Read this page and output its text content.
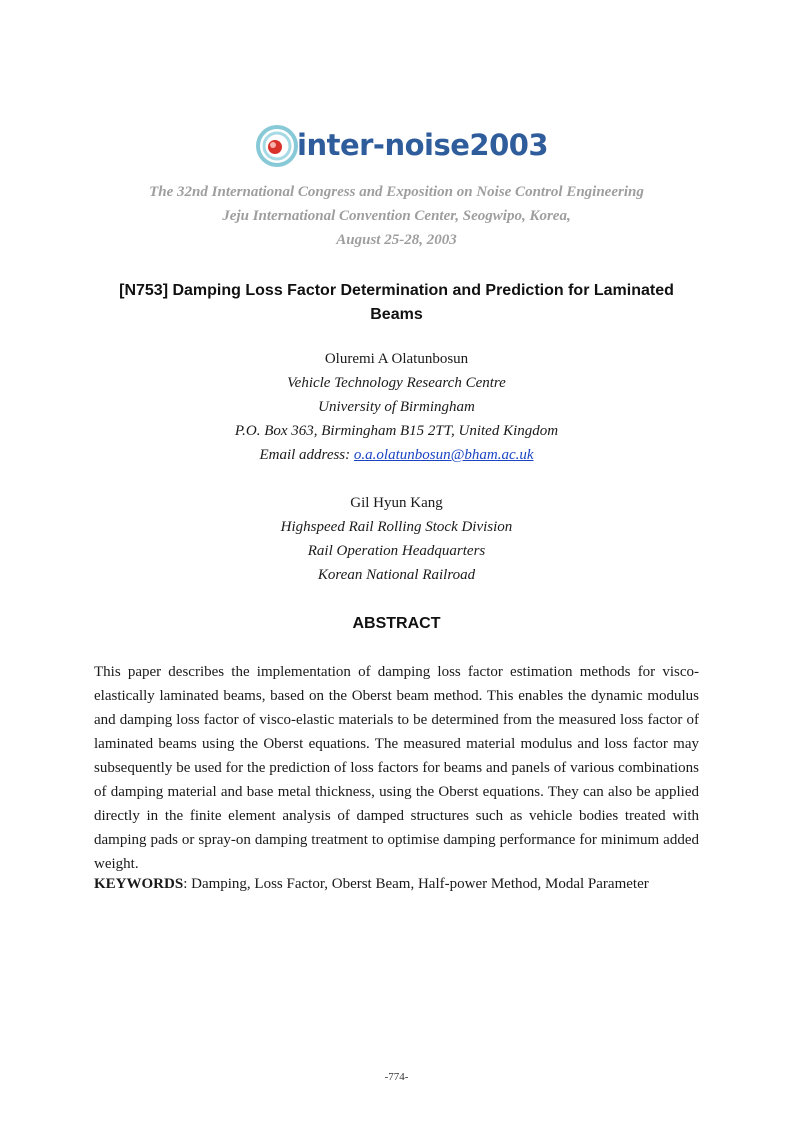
inter-noise2003
The 32nd International Congress and Exposition on Noise Control Engineering
Jeju International Convention Center, Seogwipo, Korea,
August 25-28, 2003
[N753] Damping Loss Factor Determination and Prediction for Laminated
Beams
Oluremi A Olatunbosun
Vehicle Technology Research Centre
University of Birmingham
P.O. Box 363, Birmingham B15 2TT, United Kingdom
Email address: o.a.olatunbosun@bham.ac.uk
Gil Hyun Kang
Highspeed Rail Rolling Stock Division
Rail Operation Headquarters
Korean National Railroad
ABSTRACT
This paper describes the implementation of damping loss factor estimation methods for visco-elastically laminated beams, based on the Oberst beam method. This enables the dynamic modulus and damping loss factor of visco-elastic materials to be determined from the measured loss factor of laminated beams using the Oberst equations. The measured material modulus and loss factor may subsequently be used for the prediction of loss factors for beams and panels of various combinations of damping material and base metal thickness, using the Oberst equations. They can also be applied directly in the finite element analysis of damped structures such as vehicle bodies treated with damping pads or spray-on damping treatment to optimise damping performance for minimum added weight.
KEYWORDS: Damping, Loss Factor, Oberst Beam, Half-power Method, Modal Parameter
-774-
